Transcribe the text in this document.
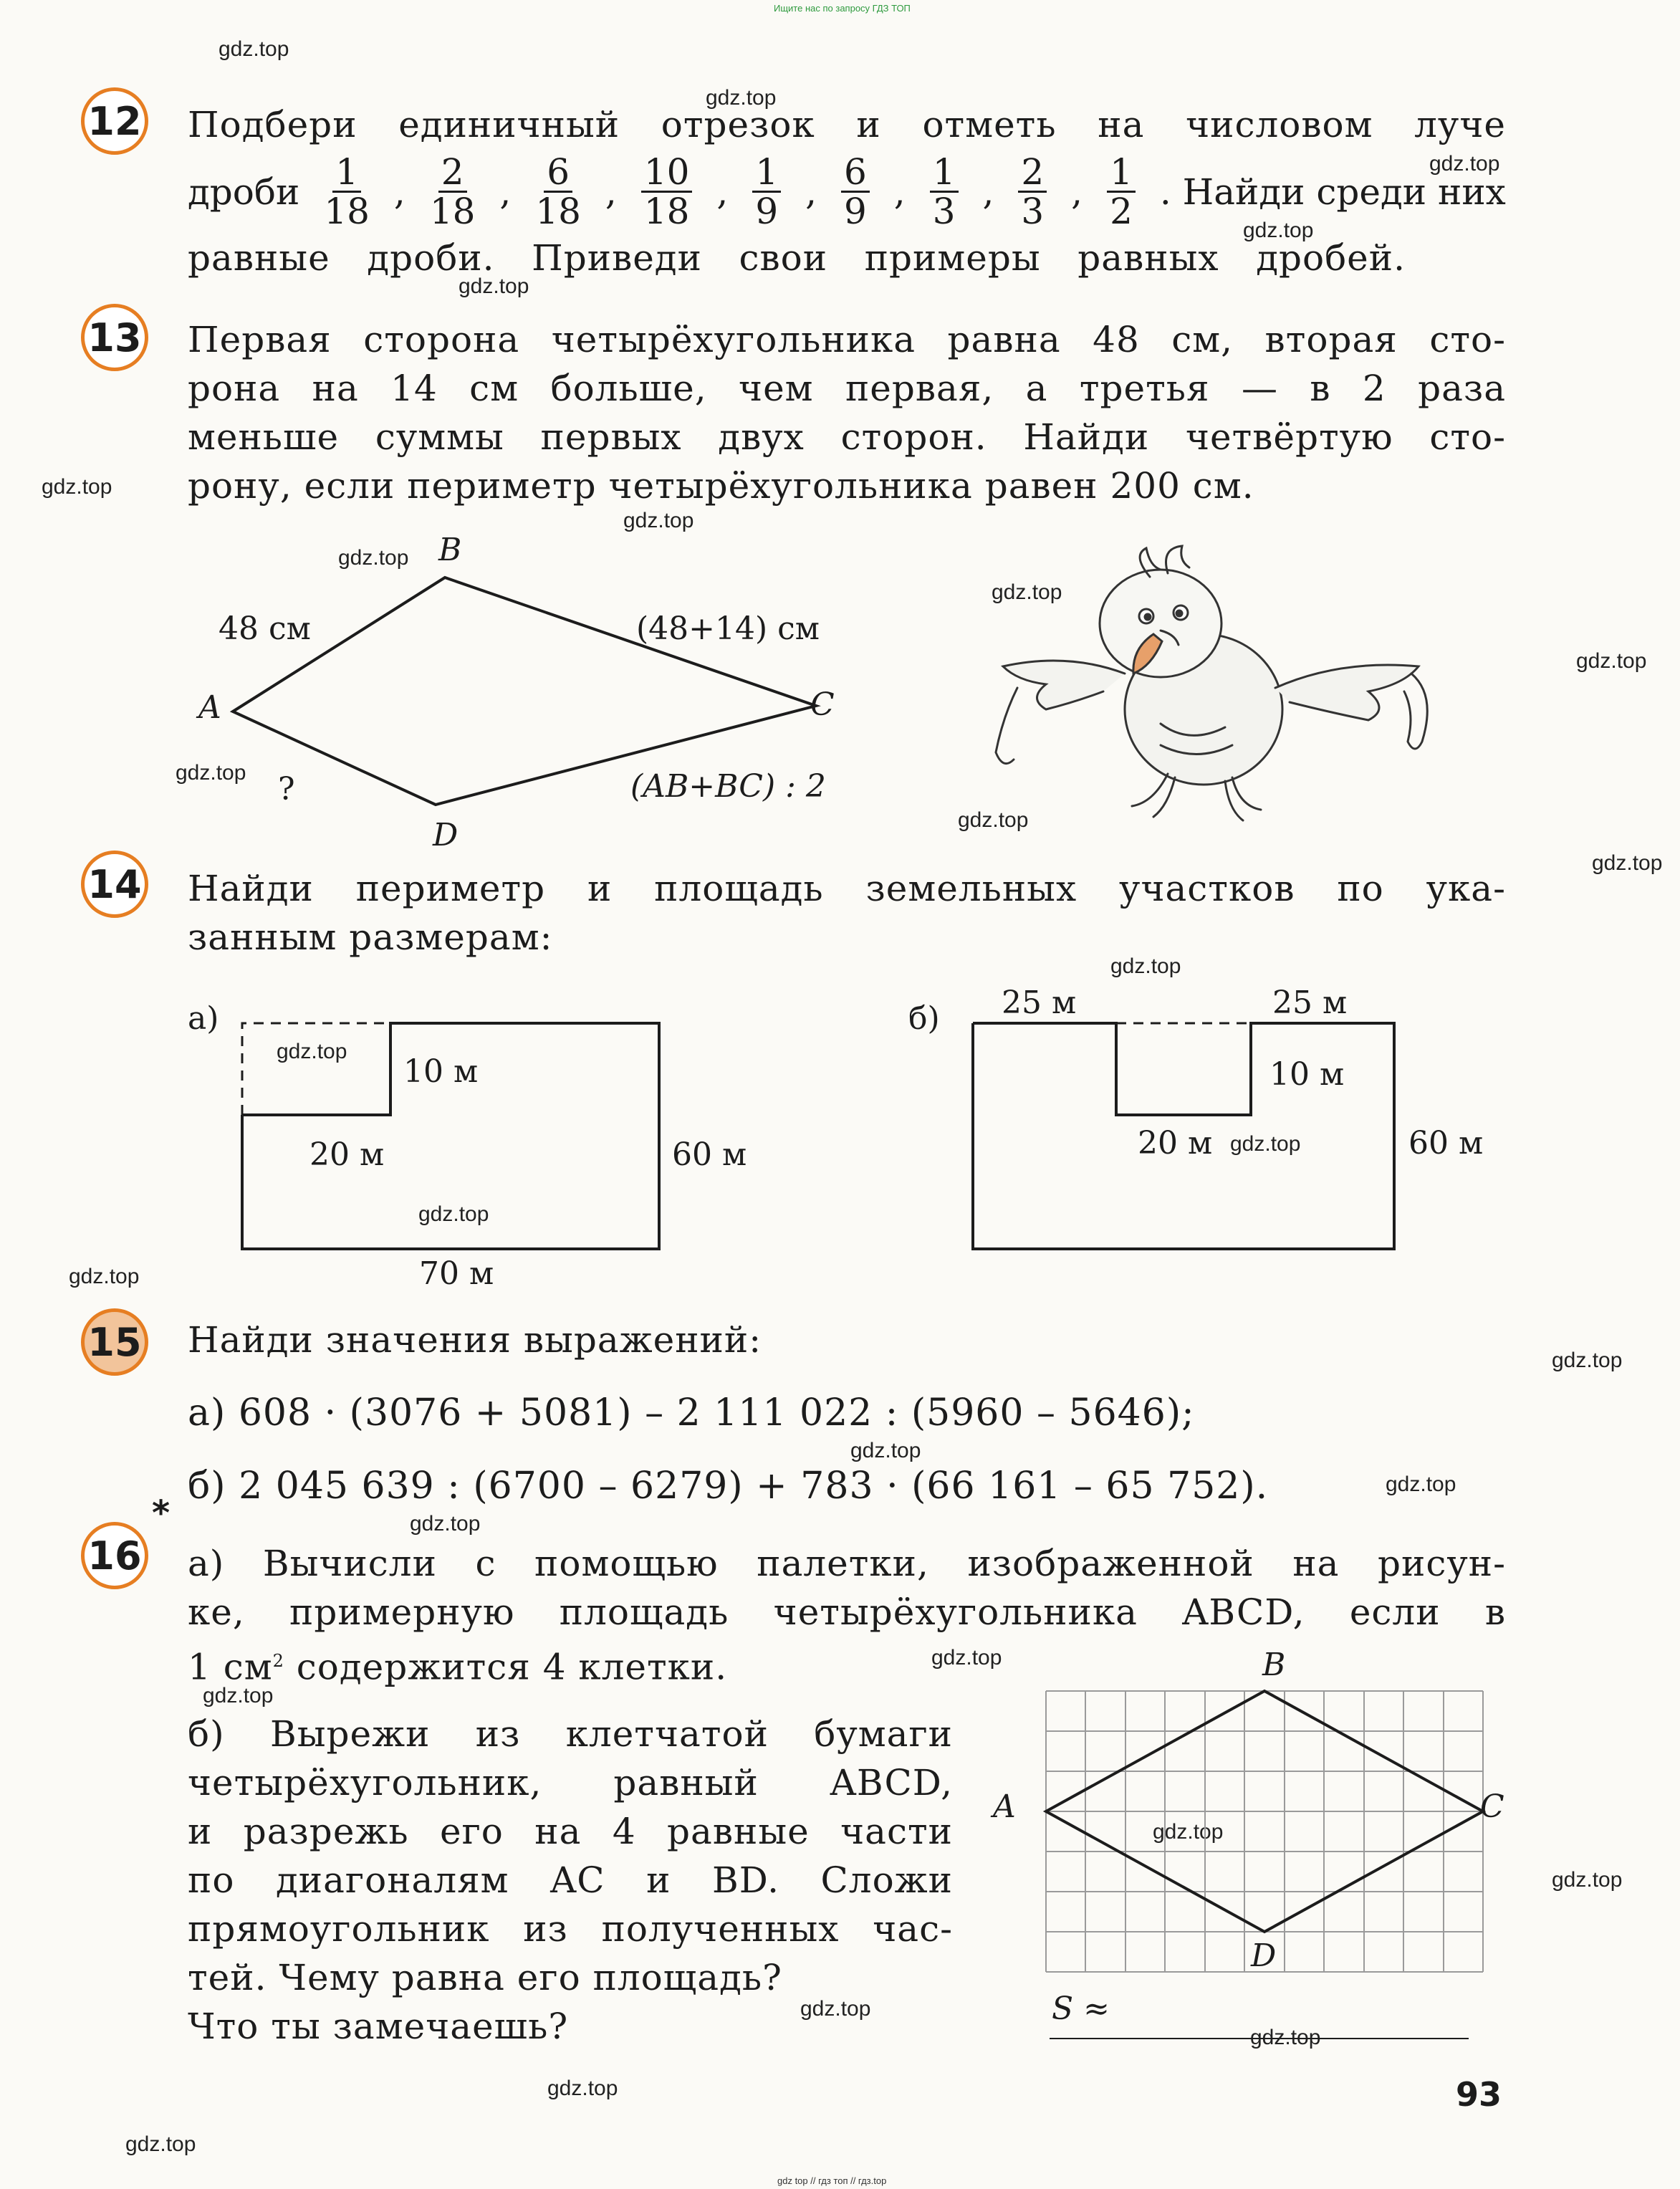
Ищите нас по запросу ГДЗ ТОП
gdz top // гдз топ // гдз.top
gdz.top
gdz.top
gdz.top
gdz.top
gdz.top
gdz.top
gdz.top
gdz.top
gdz.top
gdz.top
gdz.top
gdz.top
gdz.top
gdz.top
gdz.top
gdz.top
gdz.top
gdz.top
gdz.top
gdz.top
gdz.top
gdz.top
gdz.top
gdz.top
gdz.top
gdz.top
gdz.top
gdz.top
gdz.top
gdz.top
12 Подбери единичный отрезок и отметь на числовом луче
дроби $\frac{1}{18}$ , $\frac{2}{18}$ , $\frac{6}{18}$ , $\frac{10}{18}$ , $\frac{1}{9}$ , $\frac{6}{9}$ , $\frac{1}{3}$ , $\frac{2}{3}$ , $\frac{1}{2}$ . Найди среди них
равные дроби. Приведи свои примеры равных дробей.
13 Первая сторона четырёхугольника равна 48 см, вторая сто-
рона на 14 см больше, чем первая, а третья — в 2 раза
меньше суммы первых двух сторон. Найди четвёртую сто-
рону, если периметр четырёхугольника равен 200 см.
A
B
C
D
48 см	(48+14) см
(AB+BC) : 2
?
14 Найди периметр и площадь земельных участков по ука-
занным размерам:
а)	б)
10 м
20 м	60 м
70 м
25 м	25 м
10 м
20 м	60 м
15 Найди значения выражений:
а) 608 · (3076 + 5081) – 2 111 022 : (5960 – 5646);
б) 2 045 639 : (6700 – 6279) + 783 · (66 161 – 65 752).
*
16 а) Вычисли с помощью палетки, изображенной на рисун-
ке, примерную площадь четырёхугольника ABCD, если в
1 $см^2$ содержится 4 клетки.
б) Вырежи из клетчатой бумаги
четырёхугольник, равный ABCD,
и разрежь его на 4 равные части
по диагоналям AC и BD. Сложи
прямоугольник из полученных час-
тей. Чему равна его площадь?
Что ты замечаешь?
A
B
C
D
S ≈
93
